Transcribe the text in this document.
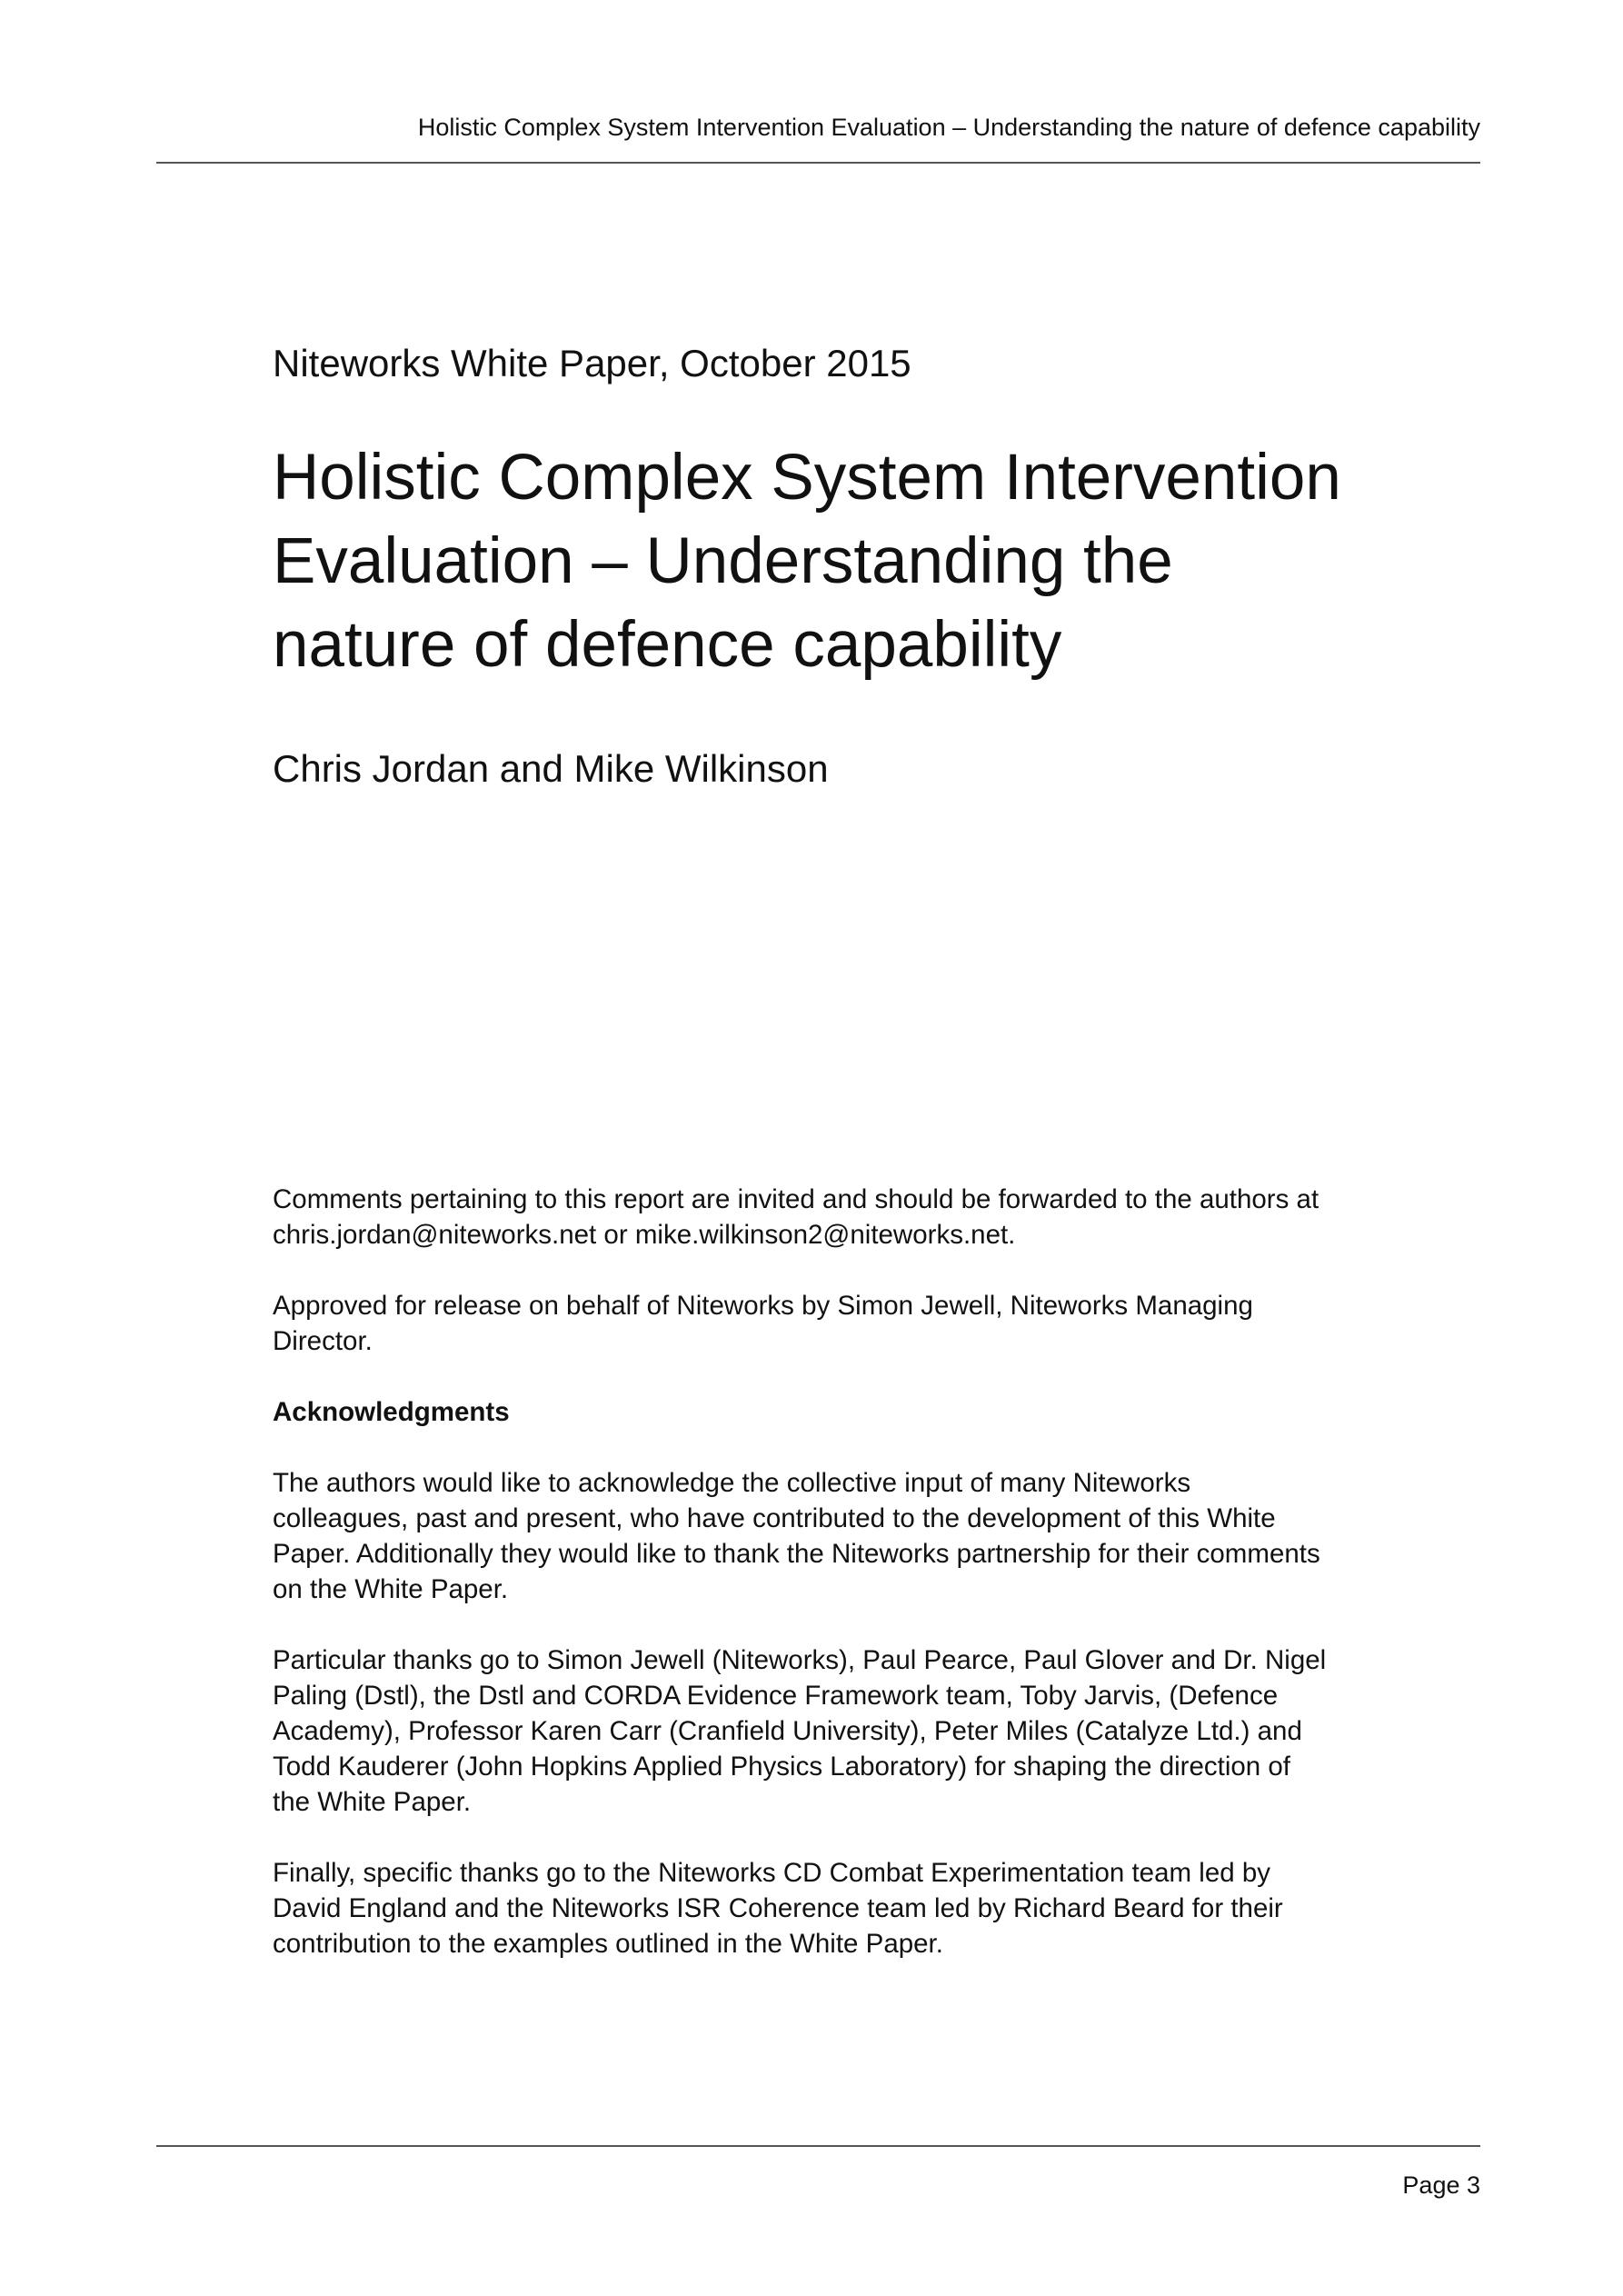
Holistic Complex System Intervention Evaluation – Understanding the nature of defence capability
Niteworks White Paper, October 2015
Holistic Complex System Intervention
Evaluation – Understanding the
nature of defence capability
Chris Jordan and Mike Wilkinson

Comments pertaining to this report are invited and should be forwarded to the authors at
chris.jordan@niteworks.net or mike.wilkinson2@niteworks.net.

Approved for release on behalf of Niteworks by Simon Jewell, Niteworks Managing
Director.

Acknowledgments

The authors would like to acknowledge the collective input of many Niteworks
colleagues, past and present, who have contributed to the development of this White
Paper. Additionally they would like to thank the Niteworks partnership for their comments
on the White Paper.

Particular thanks go to Simon Jewell (Niteworks), Paul Pearce, Paul Glover and Dr. Nigel
Paling (Dstl), the Dstl and CORDA Evidence Framework team, Toby Jarvis, (Defence
Academy), Professor Karen Carr (Cranfield University), Peter Miles (Catalyze Ltd.) and
Todd Kauderer (John Hopkins Applied Physics Laboratory) for shaping the direction of
the White Paper.

Finally, specific thanks go to the Niteworks CD Combat Experimentation team led by
David England and the Niteworks ISR Coherence team led by Richard Beard for their
contribution to the examples outlined in the White Paper.

Page 3
